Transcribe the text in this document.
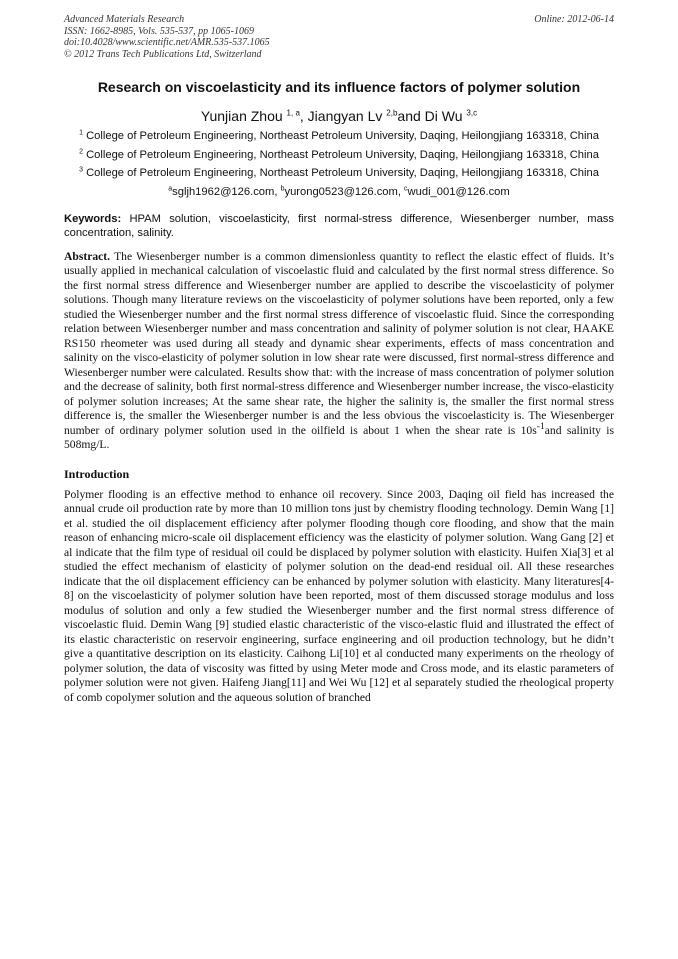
Advanced Materials Research
ISSN: 1662-8985, Vols. 535-537, pp 1065-1069
doi:10.4028/www.scientific.net/AMR.535-537.1065
© 2012 Trans Tech Publications Ltd, Switzerland
Online: 2012-06-14
Research on viscoelasticity and its influence factors of polymer solution
Yunjian Zhou $^{1, a}$, Jiangyan Lv $^{2,b}$and Di Wu $^{3,c}$
$^1$ College of Petroleum Engineering, Northeast Petroleum University, Daqing, Heilongjiang 163318, China
$^2$ College of Petroleum Engineering, Northeast Petroleum University, Daqing, Heilongjiang 163318, China
$^3$ College of Petroleum Engineering, Northeast Petroleum University, Daqing, Heilongjiang 163318, China
$^a$sgljh1962@126.com, $^b$yurong0523@126.com, $^c$wudi_001@126.com
Keywords: HPAM solution, viscoelasticity, first normal-stress difference, Wiesenberger number, mass concentration, salinity.
Abstract. The Wiesenberger number is a common dimensionless quantity to reflect the elastic effect of fluids. It’s usually applied in mechanical calculation of viscoelastic fluid and calculated by the first normal stress difference. So the first normal stress difference and Wiesenberger number are applied to describe the viscoelasticity of polymer solutions. Though many literature reviews on the viscoelasticity of polymer solutions have been reported, only a few studied the Wiesenberger number and the first normal stress difference of viscoelastic fluid. Since the corresponding relation between Wiesenberger number and mass concentration and salinity of polymer solution is not clear, HAAKE RS150 rheometer was used during all steady and dynamic shear experiments, effects of mass concentration and salinity on the visco-elasticity of polymer solution in low shear rate were discussed, first normal-stress difference and Wiesenberger number were calculated. Results show that: with the increase of mass concentration of polymer solution and the decrease of salinity, both first normal-stress difference and Wiesenberger number increase, the visco-elasticity of polymer solution increases; At the same shear rate, the higher the salinity is, the smaller the first normal stress difference is, the smaller the Wiesenberger number is and the less obvious the viscoelasticity is. The Wiesenberger number of ordinary polymer solution used in the oilfield is about 1 when the shear rate is $10s^{-1}and$ salinity is 508mg/L.
Introduction
Polymer flooding is an effective method to enhance oil recovery. Since 2003, Daqing oil field has increased the annual crude oil production rate by more than 10 million tons just by chemistry flooding technology. Demin Wang [1] et al. studied the oil displacement efficiency after polymer flooding though core flooding, and show that the main reason of enhancing micro-scale oil displacement efficiency was the elasticity of polymer solution. Wang Gang [2] et al indicate that the film type of residual oil could be displaced by polymer solution with elasticity. Huifen Xia[3] et al studied the effect mechanism of elasticity of polymer solution on the dead-end residual oil. All these researches indicate that the oil displacement efficiency can be enhanced by polymer solution with elasticity. Many literatures[4-8] on the viscoelasticity of polymer solution have been reported, most of them discussed storage modulus and loss modulus of solution and only a few studied the Wiesenberger number and the first normal stress difference of viscoelastic fluid. Demin Wang [9] studied elastic characteristic of the visco-elastic fluid and illustrated the effect of its elastic characteristic on reservoir engineering, surface engineering and oil production technology, but he didn’t give a quantitative description on its elasticity. Caihong Li[10] et al conducted many experiments on the rheology of polymer solution, the data of viscosity was fitted by using Meter mode and Cross mode, and its elastic parameters of polymer solution were not given. Haifeng Jiang[11] and Wei Wu [12] et al separately studied the rheological property of comb copolymer solution and the aqueous solution of branched
